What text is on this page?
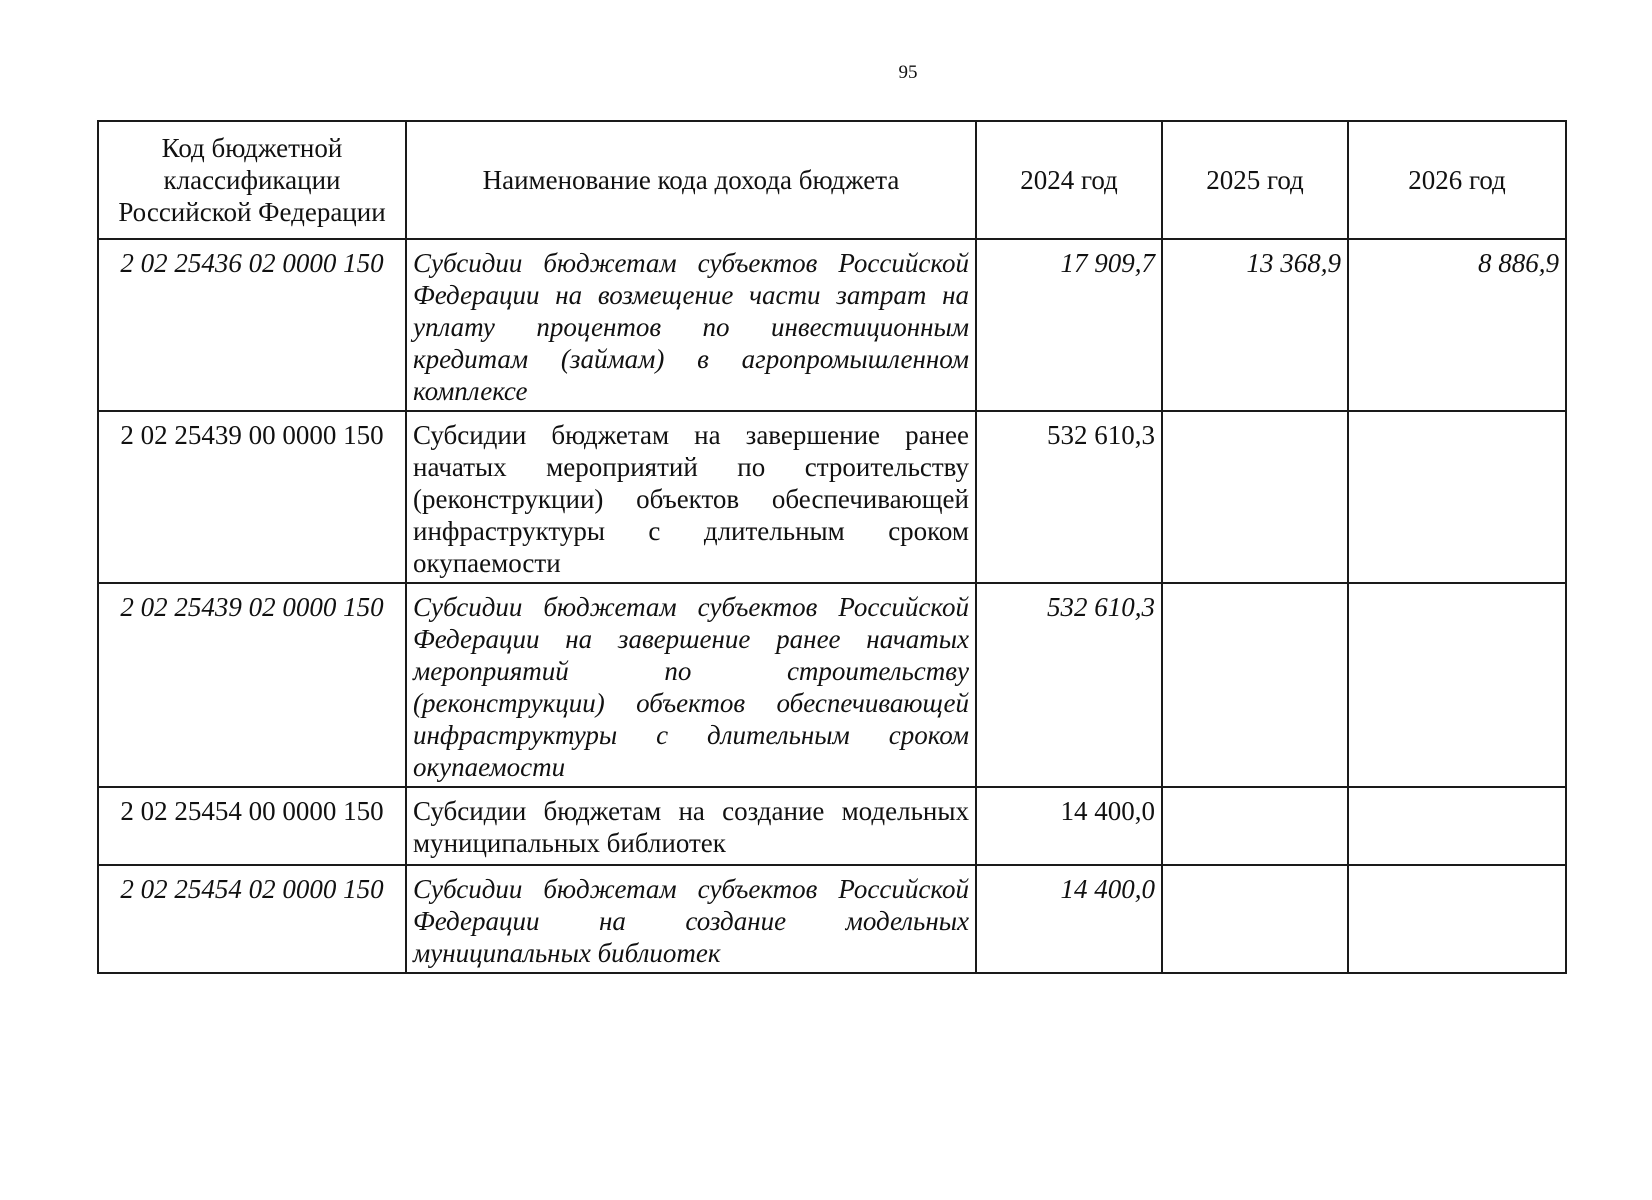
95
Код бюджетной классификации Российской Федерации	Наименование кода дохода бюджета	2024 год	2025 год	2026 год
2 02 25436 02 0000 150	Субсидии бюджетам субъектов Российской Федерации на возмещение части затрат на уплату процентов по инвестиционным кредитам (займам) в агропромышленном комплексе	17 909,7	13 368,9	8 886,9
2 02 25439 00 0000 150	Субсидии бюджетам на завершение ранее начатых мероприятий по строительству (реконструкции) объектов обеспечивающей инфраструктуры с длительным сроком окупаемости	532 610,3		
2 02 25439 02 0000 150	Субсидии бюджетам субъектов Российской Федерации на завершение ранее начатых мероприятий по строительству (реконструкции) объектов обеспечивающей инфраструктуры с длительным сроком окупаемости	532 610,3		
2 02 25454 00 0000 150	Субсидии бюджетам на создание модельных муниципальных библиотек	14 400,0		
2 02 25454 02 0000 150	Субсидии бюджетам субъектов Российской Федерации на создание модельных муниципальных библиотек	14 400,0		
